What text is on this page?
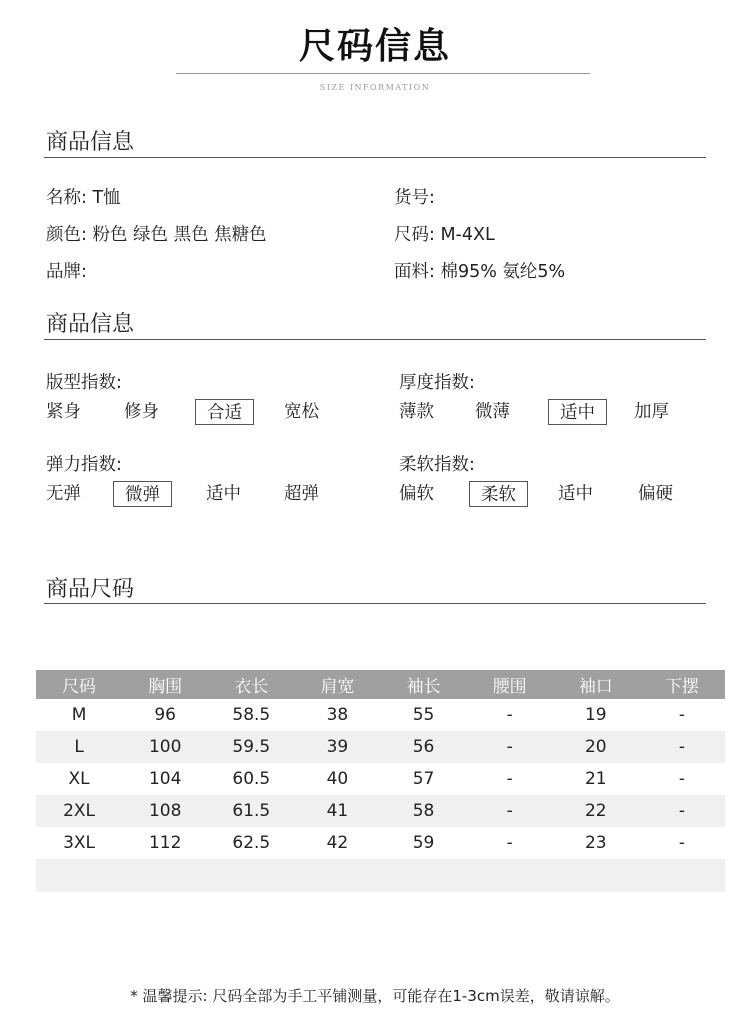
尺码信息
SIZE INFORMATION
商品信息
名称: T恤	货号:
颜色: 粉色 绿色 黑色 焦糖色	尺码: M-4XL
品牌:	面料: 棉95% 氨纶5%
商品信息
版型指数:
紧身 修身	合适	宽松
厚度指数:
薄款 微薄	适中	加厚
弹力指数:
无弹	微弹	适中 超弹
柔软指数:
偏软	柔软	适中	偏硬
商品尺码
尺码	胸围	衣长	肩宽	袖长	腰围	袖口	下摆
M	96	58.5	38	55	-	19	-
L	100	59.5	39	56	-	20	-
XL	104	60.5	40	57	-	21	-
2XL	108	61.5	41	58	-	22	-
3XL	112	62.5	42	59	-	23	-

* 温馨提示: 尺码全部为手工平铺测量，可能存在1-3cm误差，敬请谅解。
